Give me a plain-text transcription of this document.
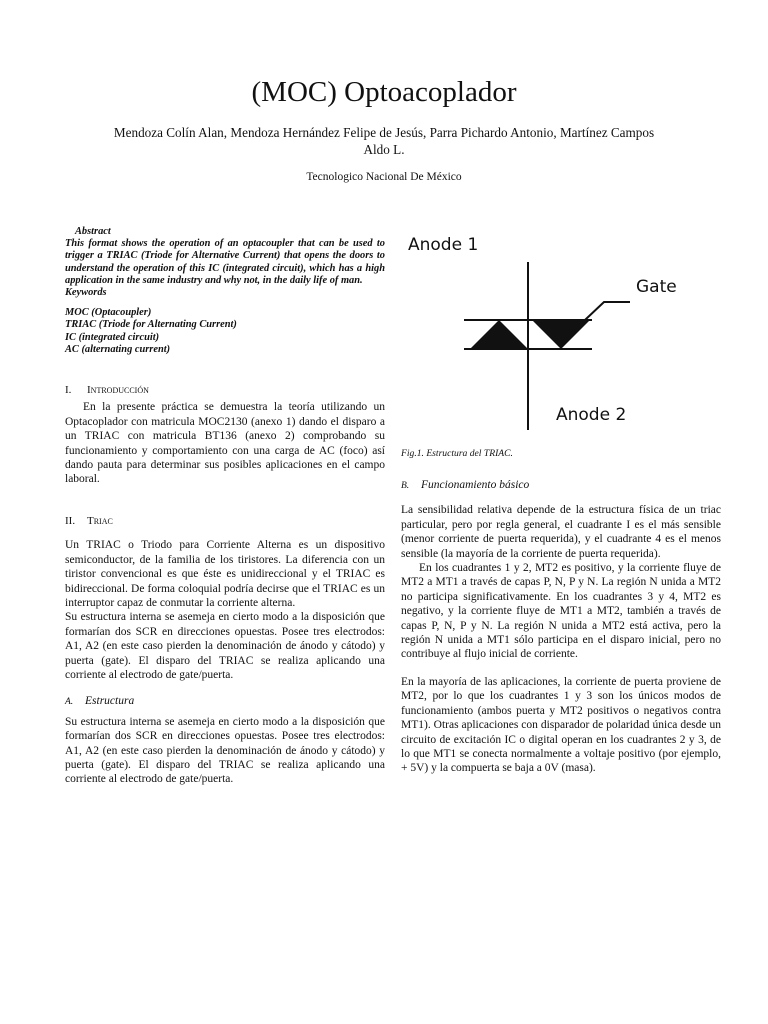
(MOC) Optoacoplador
Mendoza Colín Alan, Mendoza Hernández Felipe de Jesús, Parra Pichardo Antonio, Martínez Campos Aldo L.
Tecnologico Nacional De México

Abstract

This format shows the operation of an optacoupler that can be used to trigger a TRIAC (Triode for Alternative Current) that opens the doors to understand the operation of this IC (integrated circuit), which has a high application in the same industry and why not, in the daily life of man.

Keywords

MOC (Optacoupler)
TRIAC (Triode for Alternating Current)
IC (integrated circuit)
AC (alternating current)
I. Introducción

En la presente práctica se demuestra la teoría utilizando un Optacoplador con matricula MOC2130 (anexo 1) dando el disparo a un TRIAC con matricula BT136 (anexo 2) comprobando su funcionamiento y comportamiento con una carga de AC (foco) así dando pauta para determinar sus posibles aplicaciones en el campo laboral.

II. Triac

Un TRIAC o Triodo para Corriente Alterna es un dispositivo semiconductor, de la familia de los tiristores. La diferencia con un tiristor convencional es que éste es unidireccional y el TRIAC es bidireccional. De forma coloquial podría decirse que el TRIAC es un interruptor capaz de conmutar la corriente alterna.

Su estructura interna se asemeja en cierto modo a la disposición que formarían dos SCR en direcciones opuestas. Posee tres electrodos: A1, A2 (en este caso pierden la denominación de ánodo y cátodo) y puerta (gate). El disparo del TRIAC se realiza aplicando una corriente al electrodo de gate/puerta.

A. Estructura

Su estructura interna se asemeja en cierto modo a la disposición que formarían dos SCR en direcciones opuestas. Posee tres electrodos: A1, A2 (en este caso pierden la denominación de ánodo y cátodo) y puerta (gate). El disparo del TRIAC se realiza aplicando una corriente al electrodo de gate/puerta.

Anode 1
Gate
Anode 2

Fig.1. Estructura del TRIAC.

B. Funcionamiento básico

La sensibilidad relativa depende de la estructura física de un triac particular, pero por regla general, el cuadrante I es el más sensible (menor corriente de puerta requerida), y el cuadrante 4 es el menos sensible (la mayoría de la corriente de puerta requerida).

En los cuadrantes 1 y 2, MT2 es positivo, y la corriente fluye de MT2 a MT1 a través de capas P, N, P y N. La región N unida a MT2 no participa significativamente. En los cuadrantes 3 y 4, MT2 es negativo, y la corriente fluye de MT1 a MT2, también a través de capas P, N, P y N. La región N unida a MT2 está activa, pero la región N unida a MT1 sólo participa en el disparo inicial, pero no contribuye al flujo inicial de corriente.

En la mayoría de las aplicaciones, la corriente de puerta proviene de MT2, por lo que los cuadrantes 1 y 3 son los únicos modos de funcionamiento (ambos puerta y MT2 positivos o negativos contra MT1). Otras aplicaciones con disparador de polaridad única desde un circuito de excitación IC o digital operan en los cuadrantes 2 y 3, de lo que MT1 se conecta normalmente a voltaje positivo (por ejemplo, + 5V) y la compuerta se baja a 0V (masa).
